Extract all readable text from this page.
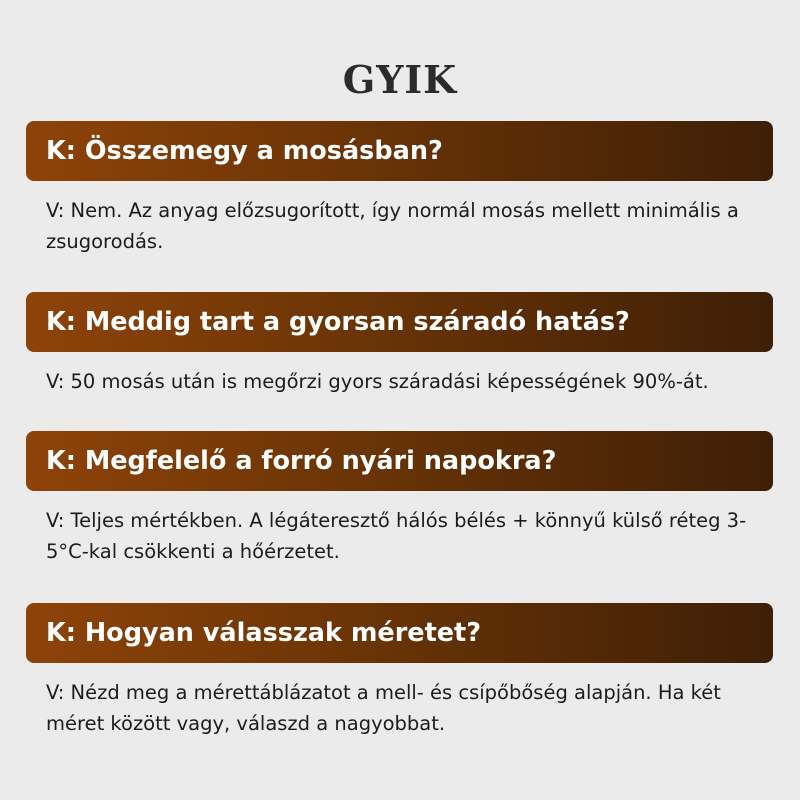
GYIK
K: Összemegy a mosásban?
V: Nem. Az anyag előzsugorított, így normál mosás mellett minimális a zsugorodás.
K: Meddig tart a gyorsan száradó hatás?
V: 50 mosás után is megőrzi gyors száradási képességének 90%-át.
K: Megfelelő a forró nyári napokra?
V: Teljes mértékben. A légáteresztő hálós bélés + könnyű külső réteg 3-5°C-kal csökkenti a hőérzetet.
K: Hogyan válasszak méretet?
V: Nézd meg a mérettáblázatot a mell- és csípőbőség alapján. Ha két méret között vagy, válaszd a nagyobbat.
